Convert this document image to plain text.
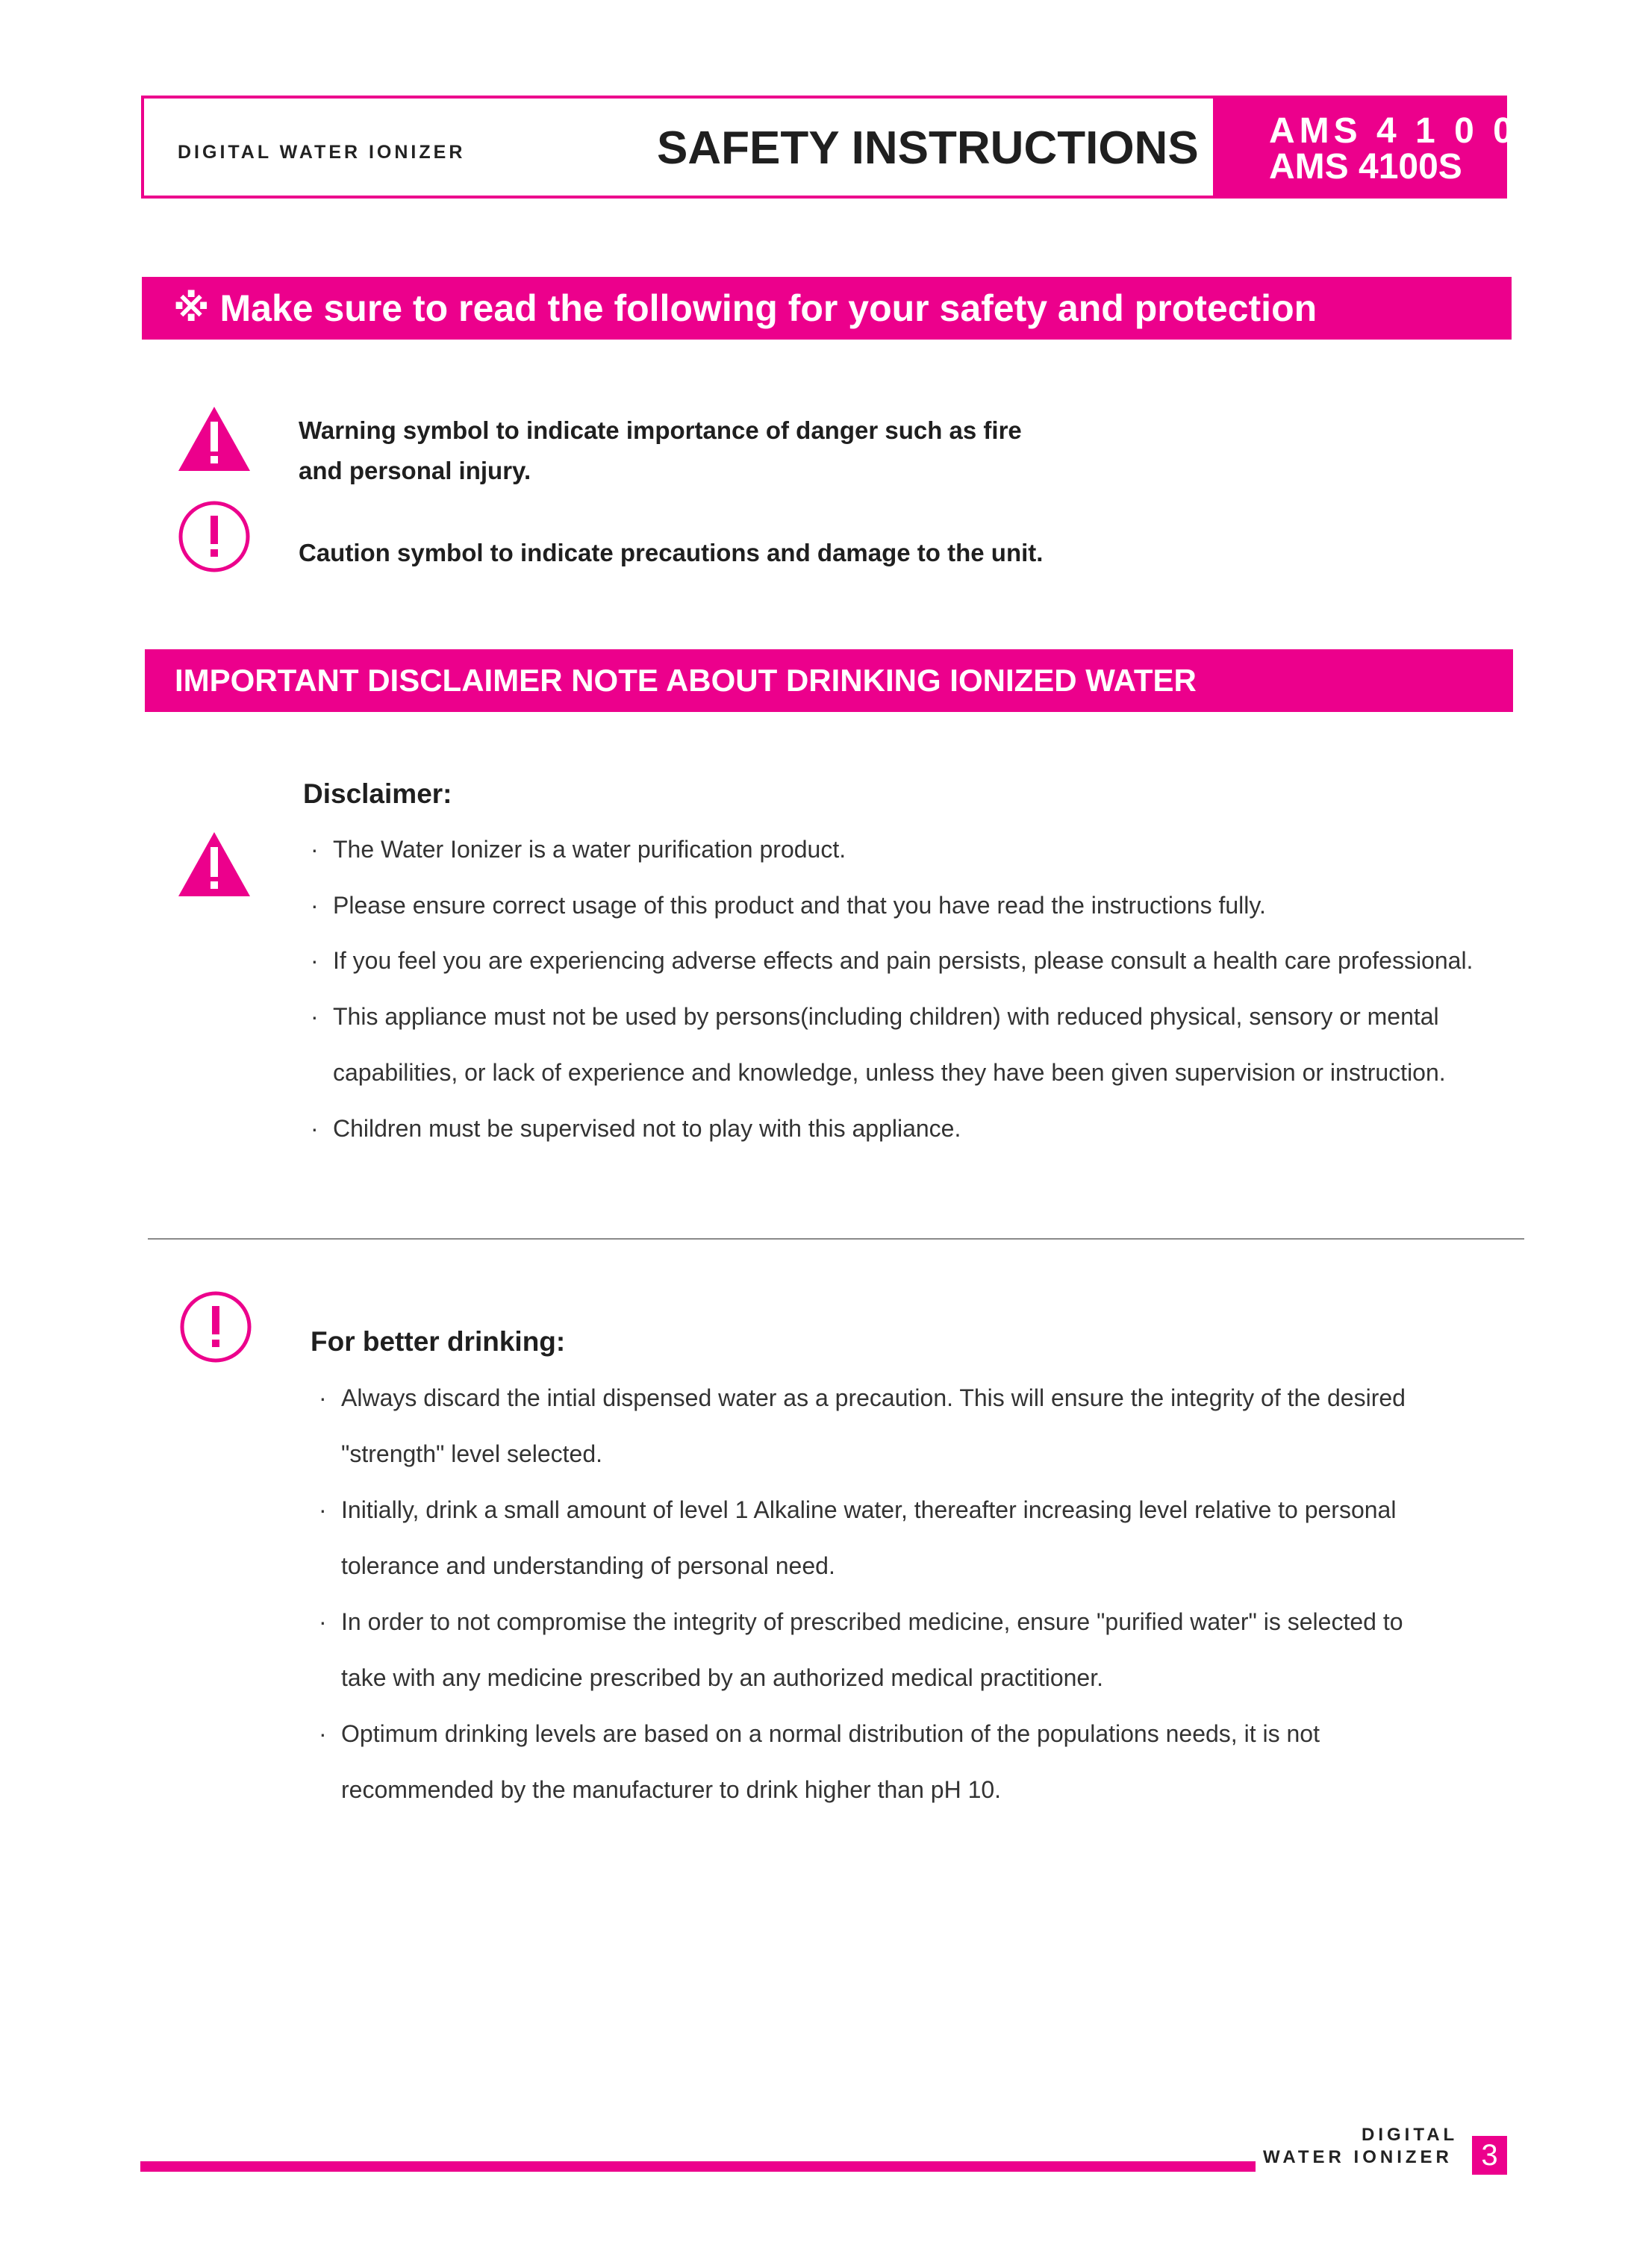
DIGITAL WATER IONIZER	SAFETY INSTRUCTIONS AMS 4 1 0 0
AMS 4100S
※ Make sure to read the following for your safety and protection
Warning symbol to indicate importance of danger such as fire
and personal injury.
Caution symbol to indicate precautions and damage to the unit.
IMPORTANT DISCLAIMER NOTE ABOUT DRINKING IONIZED WATER
Disclaimer:
· The Water Ionizer is a water purification product.
· Please ensure correct usage of this product and that you have read the instructions fully.
· If you feel you are experiencing adverse effects and pain persists, please consult a health care professional.
· This appliance must not be used by persons(including children) with reduced physical, sensory or mental
capabilities, or lack of experience and knowledge, unless they have been given supervision or instruction.
· Children must be supervised not to play with this appliance.
For better drinking:
· Always discard the intial dispensed water as a precaution. This will ensure the integrity of the desired
"strength" level selected.
· Initially, drink a small amount of level 1 Alkaline water, thereafter increasing level relative to personal
tolerance and understanding of personal need.
· In order to not compromise the integrity of prescribed medicine, ensure "purified water" is selected to
take with any medicine prescribed by an authorized medical practitioner.
· Optimum drinking levels are based on a normal distribution of the populations needs, it is not
recommended by the manufacturer to drink higher than pH 10.
DIGITAL
WATER IONIZER 3
